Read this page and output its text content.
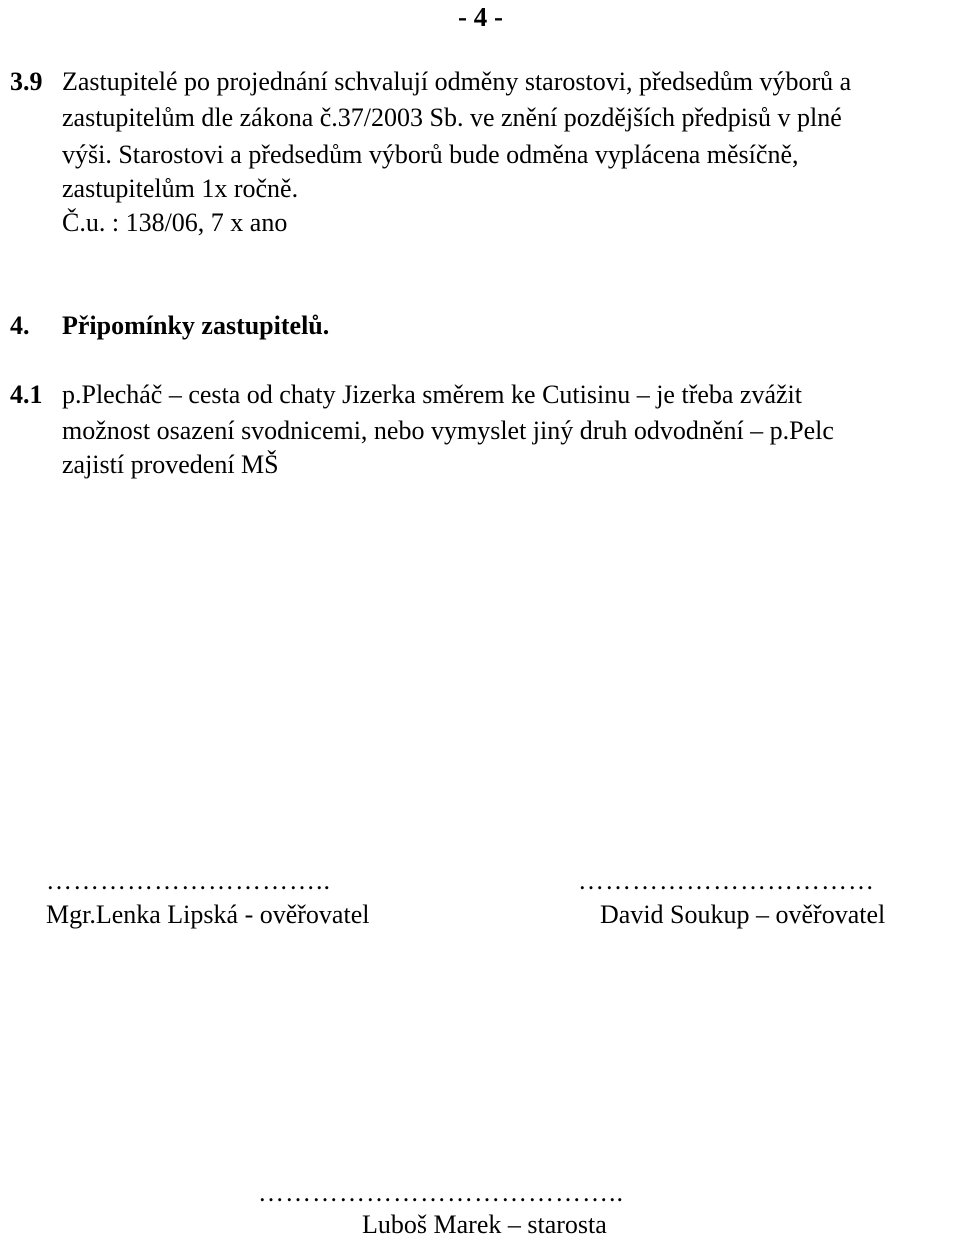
- 4 -
3.9 Zastupitelé po projednání schvalují odměny starostovi, předsedům výborů a
zastupitelům dle zákona č.37/2003 Sb. ve znění pozdějších předpisů v plné
výši. Starostovi a předsedům výborů bude odměna vyplácena měsíčně,
zastupitelům 1x ročně.
Č.u. : 138/06, 7 x ano
4. Připomínky zastupitelů.
4.1 p.Plecháč – cesta od chaty Jizerka směrem ke Cutisinu – je třeba zvážit
možnost osazení svodnicemi, nebo vymyslet jiný druh odvodnění – p.Pelc
zajistí provedení MŠ
…………………………..
Mgr.Lenka Lipská - ověřovatel
……………………………
David Soukup – ověřovatel
…………………………………..
Luboš Marek – starosta
